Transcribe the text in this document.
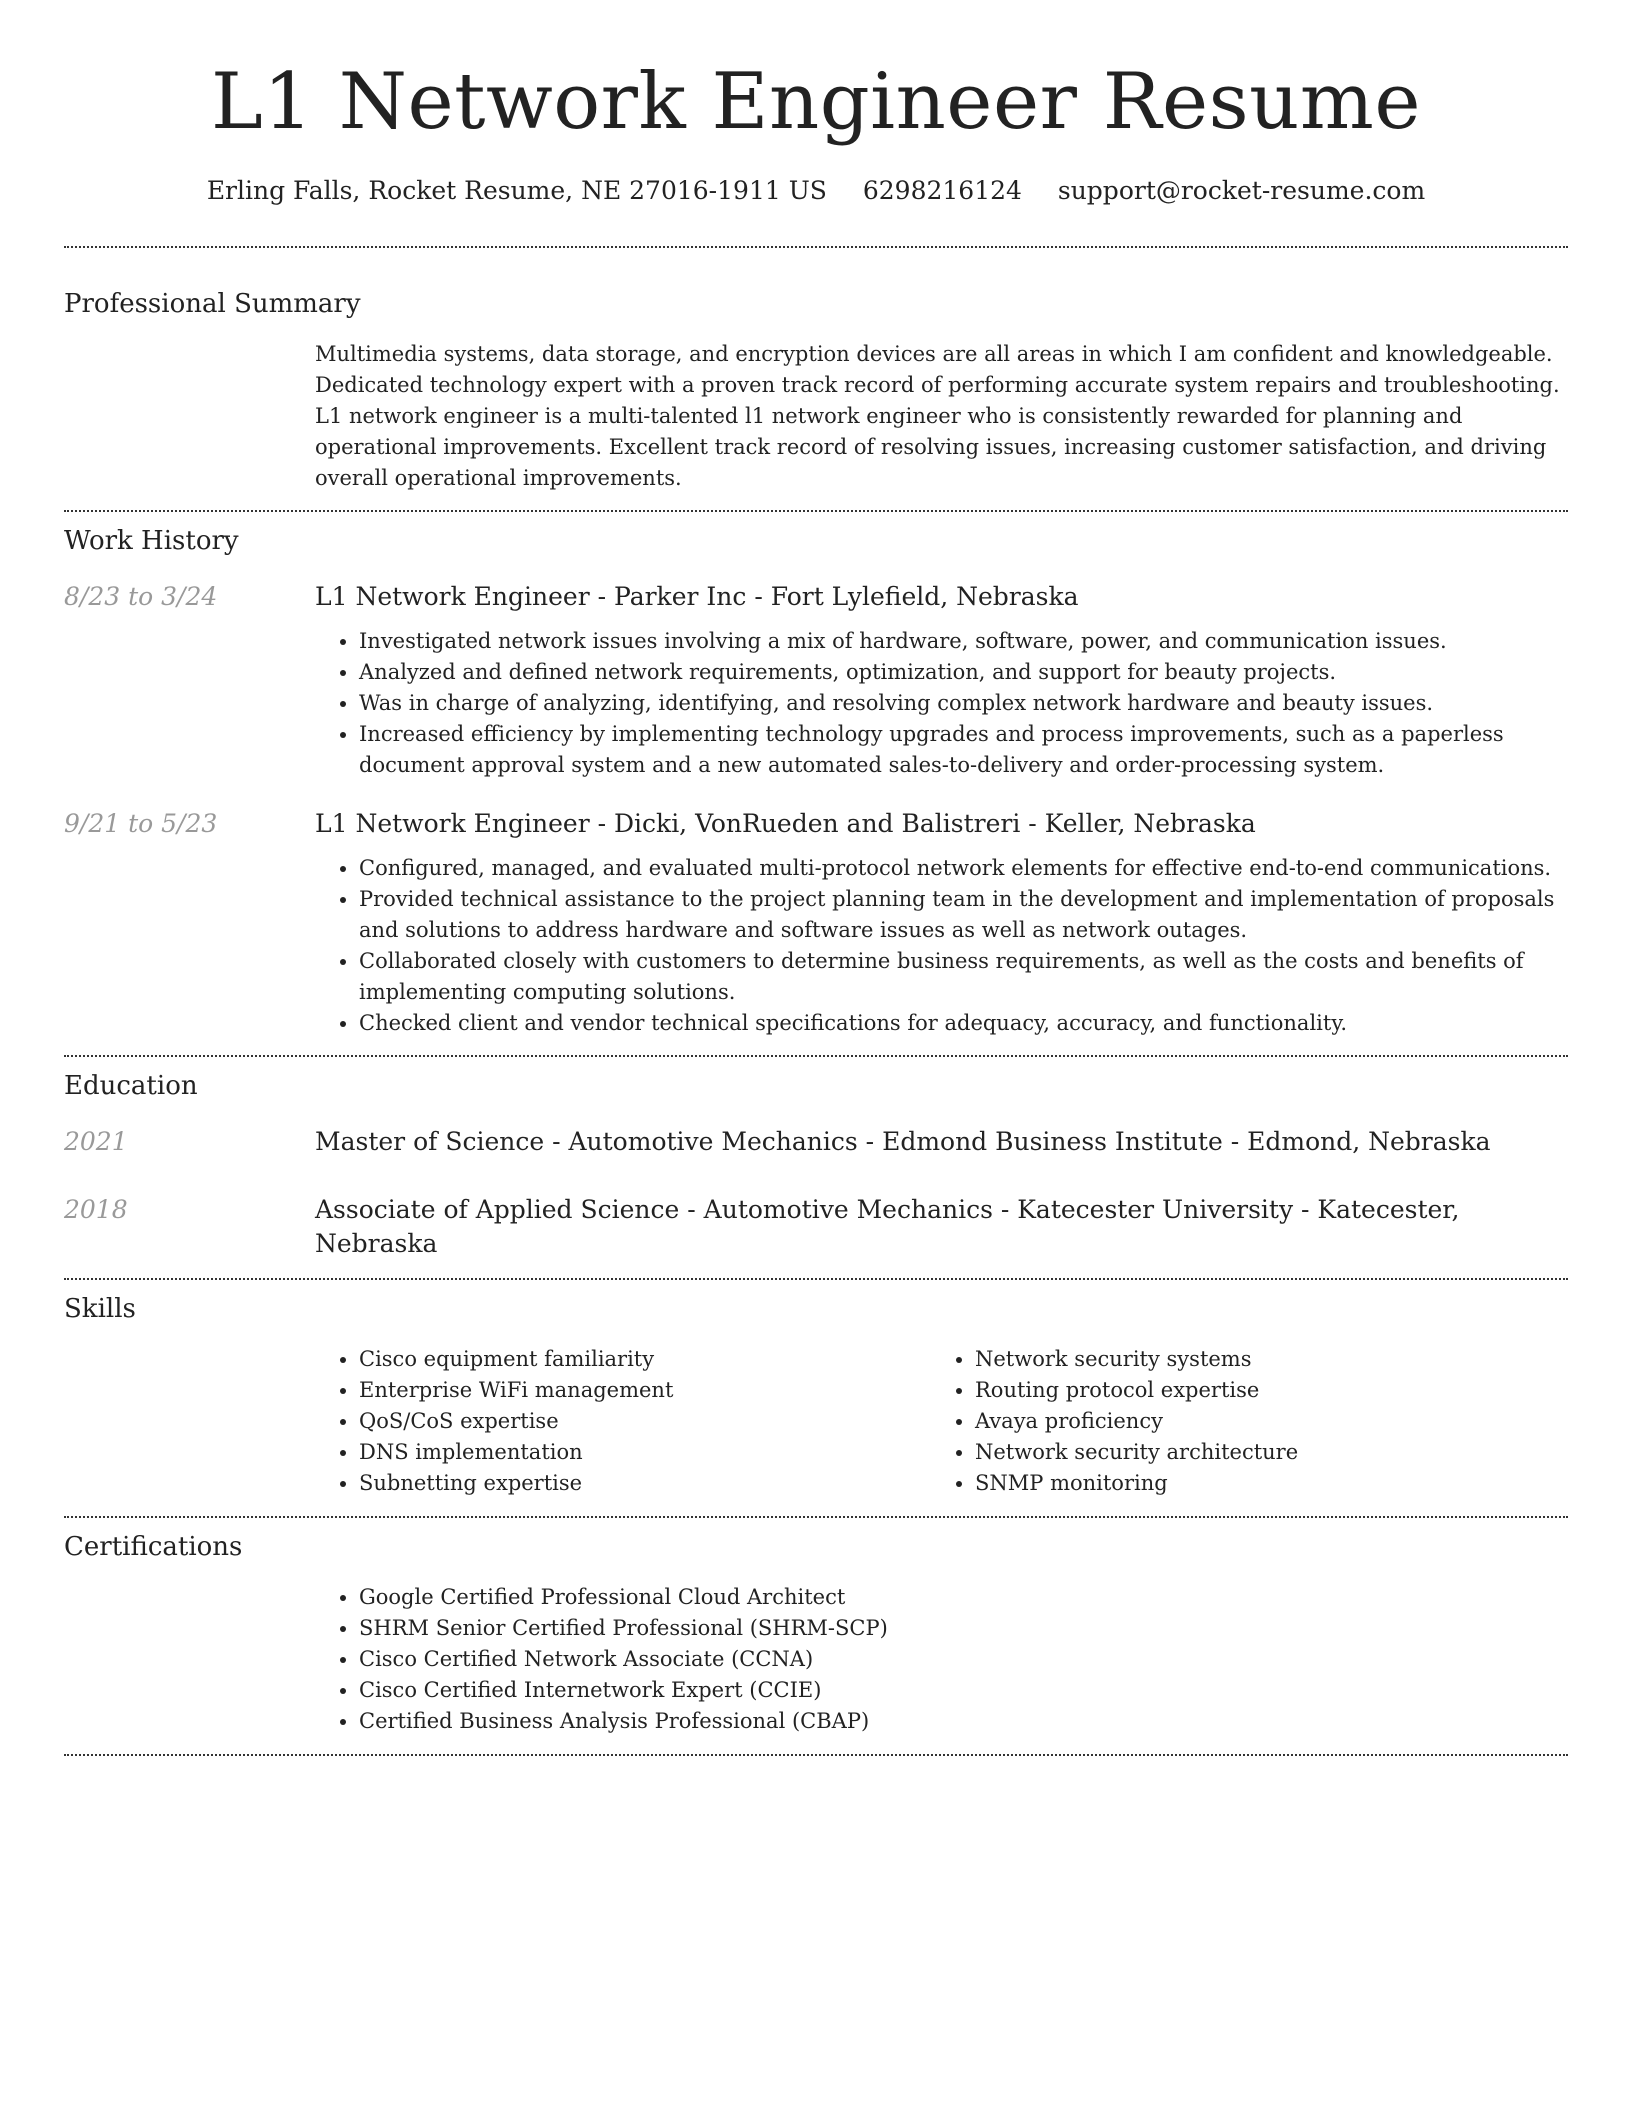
L1 Network Engineer Resume
Erling Falls, Rocket Resume, NE 27016-1911 US 6298216124 support@rocket-resume.com
Professional Summary

Multimedia systems, data storage, and encryption devices are all areas in which I am confident and knowledgeable. Dedicated technology expert with a proven track record of performing accurate system repairs and troubleshooting. L1 network engineer is a multi-talented l1 network engineer who is consistently rewarded for planning and operational improvements. Excellent track record of resolving issues, increasing customer satisfaction, and driving overall operational improvements.

Work History
8/23 to 3/24	L1 Network Engineer - Parker Inc - Fort Lylefield, Nebraska
• Investigated network issues involving a mix of hardware, software, power, and communication issues.
• Analyzed and defined network requirements, optimization, and support for beauty projects.
• Was in charge of analyzing, identifying, and resolving complex network hardware and beauty issues.
• Increased efficiency by implementing technology upgrades and process improvements, such as a paperless document approval system and a new automated sales-to-delivery and order-processing system.
9/21 to 5/23	L1 Network Engineer - Dicki, VonRueden and Balistreri - Keller, Nebraska
• Configured, managed, and evaluated multi-protocol network elements for effective end-to-end communications.
• Provided technical assistance to the project planning team in the development and implementation of proposals and solutions to address hardware and software issues as well as network outages.
• Collaborated closely with customers to determine business requirements, as well as the costs and benefits of implementing computing solutions.
• Checked client and vendor technical specifications for adequacy, accuracy, and functionality.
Education
2021	Master of Science - Automotive Mechanics - Edmond Business Institute - Edmond, Nebraska
2018	Associate of Applied Science - Automotive Mechanics - Katecester University - Katecester, Nebraska
Skills
• Cisco equipment familiarity
• Enterprise WiFi management
• QoS/CoS expertise
• DNS implementation
• Subnetting expertise
• Network security systems
• Routing protocol expertise
• Avaya proficiency
• Network security architecture
• SNMP monitoring
Certifications
• Google Certified Professional Cloud Architect
• SHRM Senior Certified Professional (SHRM-SCP)
• Cisco Certified Network Associate (CCNA)
• Cisco Certified Internetwork Expert (CCIE)
• Certified Business Analysis Professional (CBAP)
